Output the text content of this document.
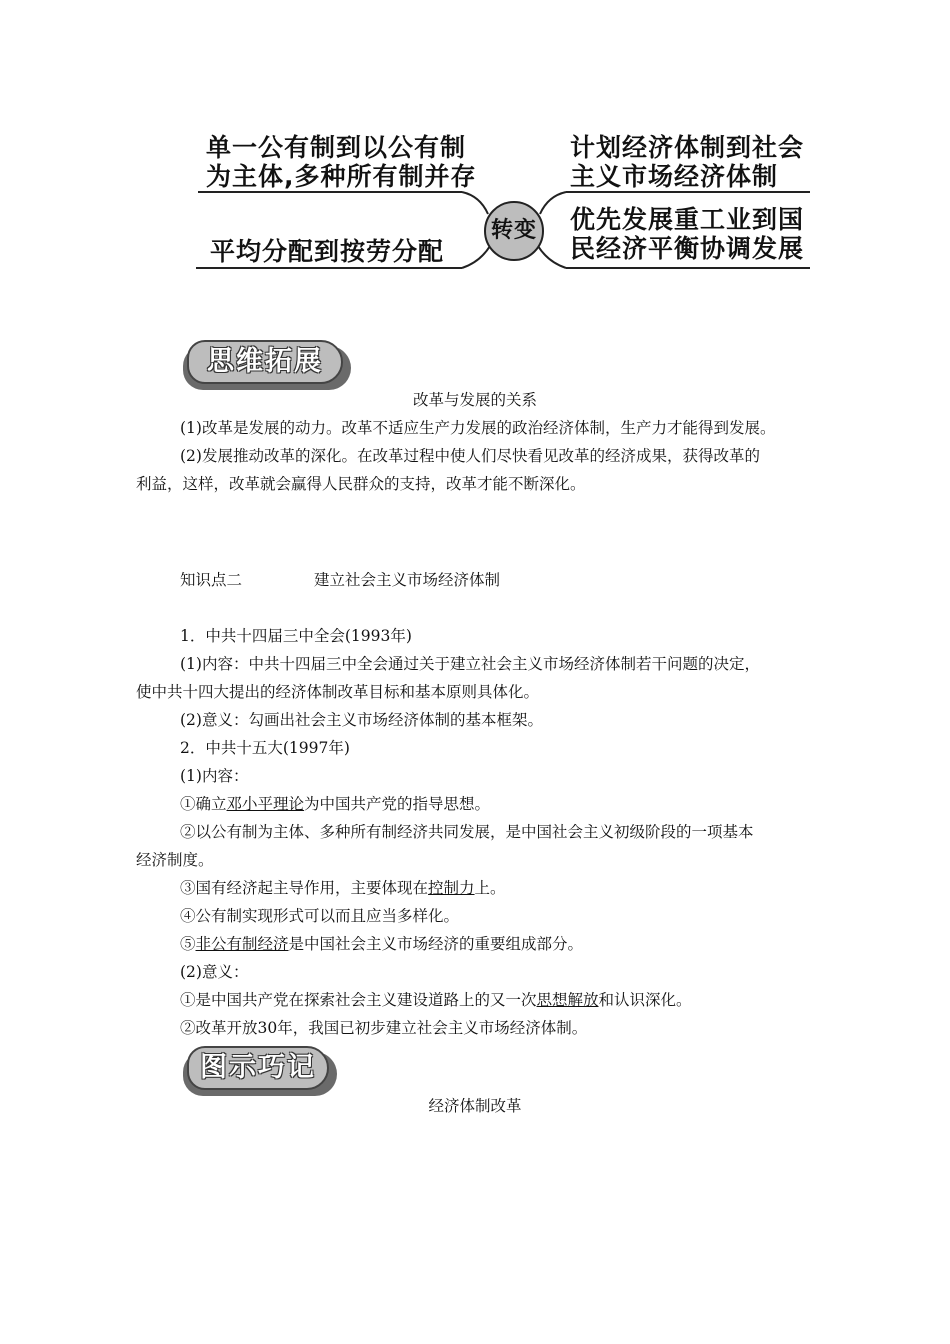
转变
单一公有制到以公有制
为主体,多种所有制并存
平均分配到按劳分配
计划经济体制到社会
主义市场经济体制
优先发展重工业到国
民经济平衡协调发展
思维拓展
改革与发展的关系
(1)改革是发展的动力。改革不适应生产力发展的政治经济体制，生产力才能得到发展。
(2)发展推动改革的深化。在改革过程中使人们尽快看见改革的经济成果，获得改革的
利益，这样，改革就会赢得人民群众的支持，改革才能不断深化。
知识点二	建立社会主义市场经济体制
1．中共十四届三中全会(1993年)
(1)内容：中共十四届三中全会通过关于建立社会主义市场经济体制若干问题的决定，
使中共十四大提出的经济体制改革目标和基本原则具体化。
(2)意义：勾画出社会主义市场经济体制的基本框架。
2．中共十五大(1997年)
(1)内容：
①确立邓小平理论为中国共产党的指导思想。
②以公有制为主体、多种所有制经济共同发展，是中国社会主义初级阶段的一项基本
经济制度。
③国有经济起主导作用，主要体现在控制力上。
④公有制实现形式可以而且应当多样化。
⑤非公有制经济是中国社会主义市场经济的重要组成部分。
(2)意义：
①是中国共产党在探索社会主义建设道路上的又一次思想解放和认识深化。
②改革开放30年，我国已初步建立社会主义市场经济体制。
图示巧记
经济体制改革
